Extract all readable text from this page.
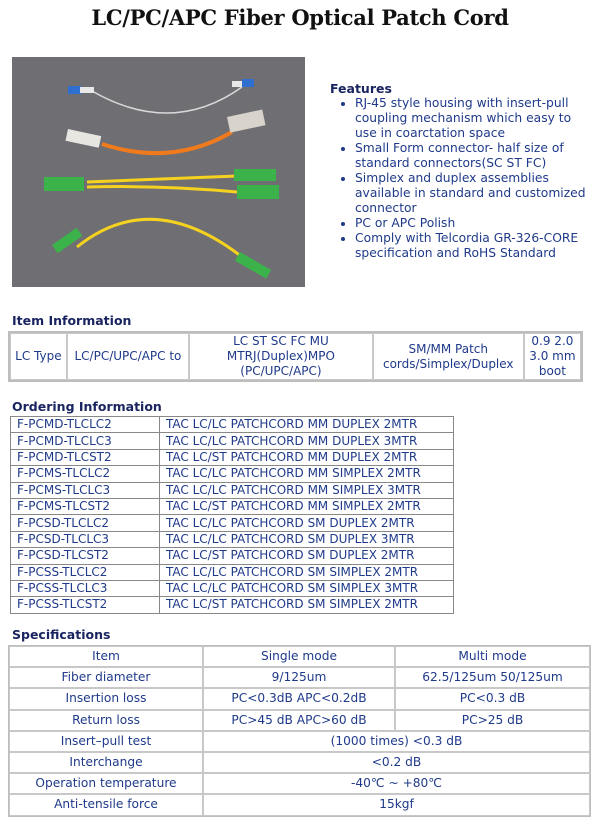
LC/PC/APC Fiber Optical Patch Cord
Features
• RJ-45 style housing with insert-pull coupling mechanism which easy to use in coarctation space
• Small Form connector- half size of standard connectors(SC ST FC)
• Simplex and duplex assemblies available in standard and customized connector
• PC or APC Polish
• Comply with Telcordia GR-326-CORE specification and RoHS Standard
Item Information
LC Type	LC/PC/UPC/APC to	LC ST SC FC MU MTRJ(Duplex)MPO (PC/UPC/APC)	SM/MM Patch cords/Simplex/Duplex	0.9 2.0 3.0 mm boot
Ordering Information
F-PCMD-TLCLC2	TAC LC/LC PATCHCORD MM DUPLEX 2MTR
F-PCMD-TLCLC3	TAC LC/LC PATCHCORD MM DUPLEX 3MTR
F-PCMD-TLCST2	TAC LC/ST PATCHCORD MM DUPLEX 2MTR
F-PCMS-TLCLC2	TAC LC/LC PATCHCORD MM SIMPLEX 2MTR
F-PCMS-TLCLC3	TAC LC/LC PATCHCORD MM SIMPLEX 3MTR
F-PCMS-TLCST2	TAC LC/ST PATCHCORD MM SIMPLEX 2MTR
F-PCSD-TLCLC2	TAC LC/LC PATCHCORD SM DUPLEX 2MTR
F-PCSD-TLCLC3	TAC LC/LC PATCHCORD SM DUPLEX 3MTR
F-PCSD-TLCST2	TAC LC/ST PATCHCORD SM DUPLEX 2MTR
F-PCSS-TLCLC2	TAC LC/LC PATCHCORD SM SIMPLEX 2MTR
F-PCSS-TLCLC3	TAC LC/LC PATCHCORD SM SIMPLEX 3MTR
F-PCSS-TLCST2	TAC LC/ST PATCHCORD SM SIMPLEX 2MTR
Specifications
Item	Single mode	Multi mode
Fiber diameter	9/125um	62.5/125um 50/125um
Insertion loss	PC<0.3dB APC<0.2dB	PC<0.3 dB
Return loss	PC>45 dB APC>60 dB	PC>25 dB
Insert–pull test	(1000 times) <0.3 dB	
Interchange	<0.2 dB	
Operation temperature	-40℃ ~ +80℃	
Anti-tensile force	15kgf	
